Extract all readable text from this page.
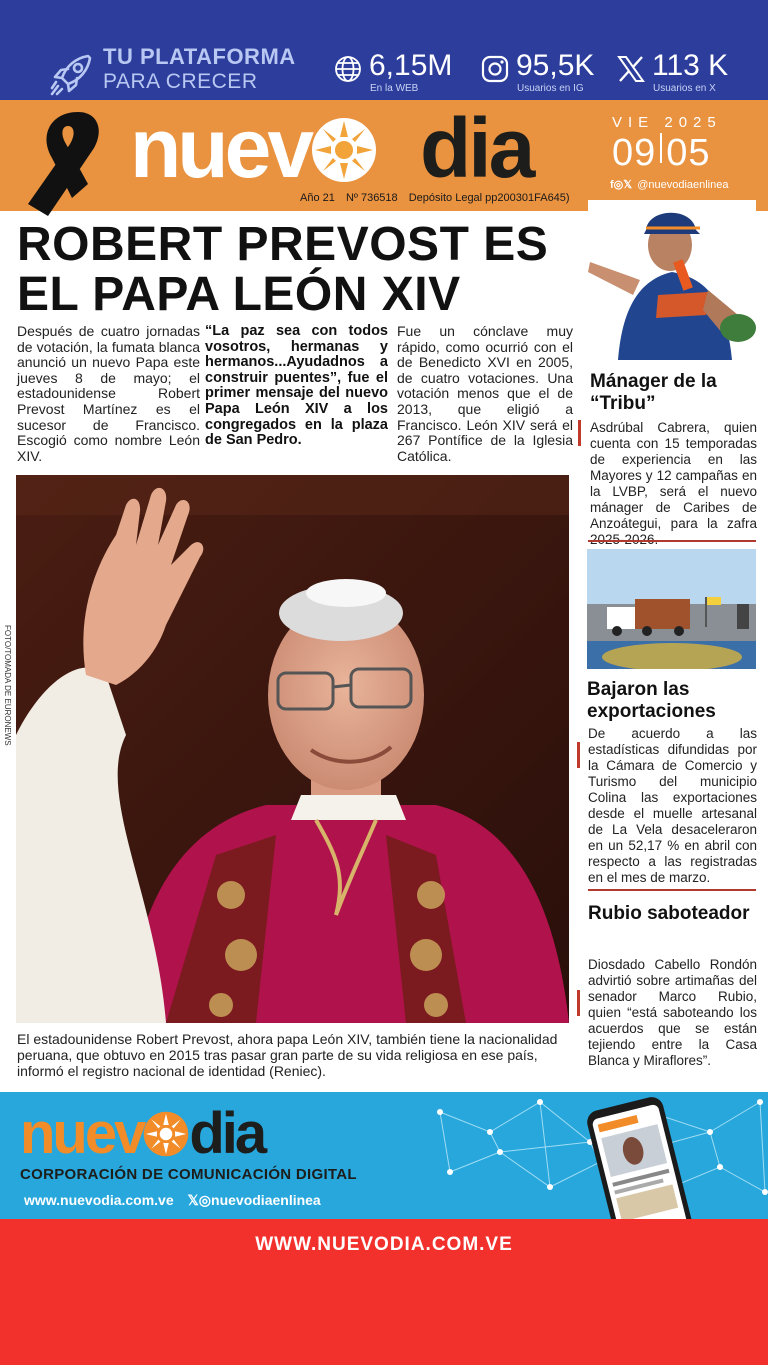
TU PLATAFORMA
PARA CRECER	6,15M
En la WEB
95,5K
Usuarios en IG
113 K
Usuarios en X
nuev	dia
Año 21 Nº 736518 Depósito Legal pp200301FA645)
VIE 2025
09 05
f◎𝕏 @nuevodiaenlinea
ROBERT PREVOST ES EL PAPA LEÓN XIV

Después de cuatro jornadas de votación, la fumata blanca anunció un nuevo Papa este jueves 8 de mayo; el estadounidense Robert Prevost Martínez es el sucesor de Francisco. Escogió como nombre León XIV.

“La paz sea con todos vosotros, hermanas y hermanos...Ayudadnos a construir puentes”, fue el primer mensaje del nuevo Papa León XIV a los congregados en la plaza de San Pedro.

Fue un cónclave muy rápido, como ocurrió con el de Benedicto XVI en 2005, de cuatro votaciones. Una votación menos que el de 2013, que eligió a Francisco. León XIV será el 267 Pontífice de la Iglesia Católica.

FOTO/TOMADA DE EURONEWS

El estadounidense Robert Prevost, ahora papa León XIV, también tiene la nacionalidad peruana, que obtuvo en 2015 tras pasar gran parte de su vida religiosa en ese país, informó el registro nacional de identidad (Reniec).

Mánager de la “Tribu”

Asdrúbal Cabrera, quien cuenta con 15 temporadas de experiencia en las Mayores y 12 campañas en la LVBP, será el nuevo mánager de Caribes de Anzoátegui, para la zafra

Bajaron las exportaciones

De acuerdo a las estadísticas difundidas por la Cámara de Comercio y Turismo del municipio Colina las exportaciones desde el muelle artesanal de La Vela desaceleraron en un 52,17 % en abril con respecto a las registradas en el mes de marzo.

Rubio saboteador

Diosdado Cabello Rondón advirtió sobre artimañas del senador Marco Rubio, quien “está saboteando los acuerdos que se están tejiendo entre la Casa Blanca y Miraflores”.

nuev dia
CORPORACIÓN DE COMUNICACIÓN DIGITAL
www.nuevodia.com.ve 𝕏◎nuevodiaenlinea
WWW.NUEVODIA.COM.VE
